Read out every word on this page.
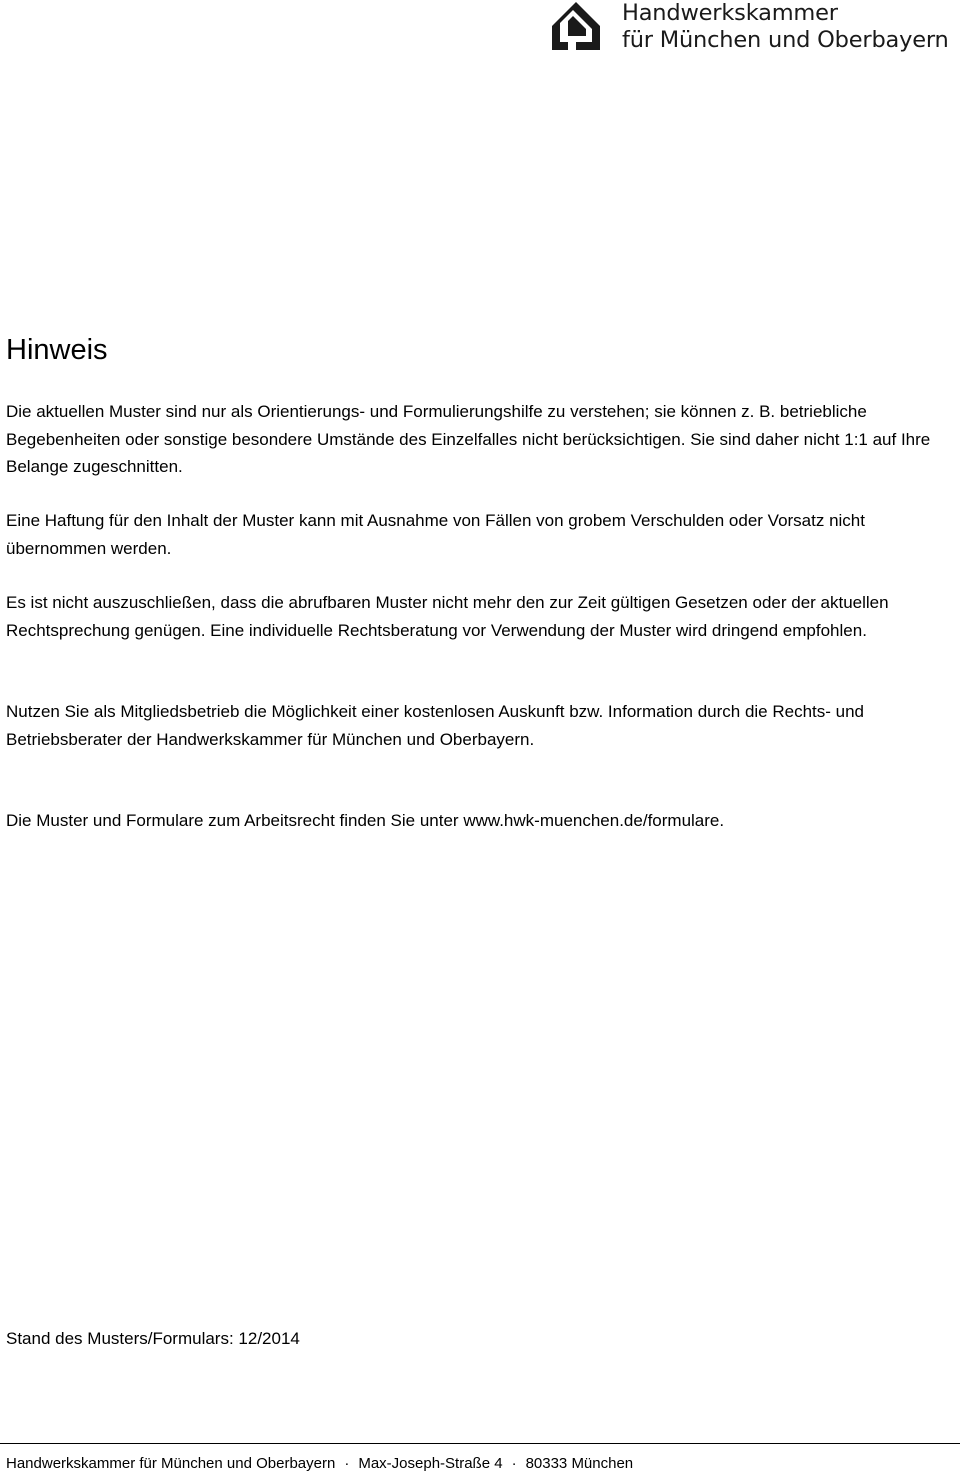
Handwerkskammer
für München und Oberbayern
Hinweis

Die aktuellen Muster sind nur als Orientierungs- und Formulierungshilfe zu verstehen; sie können z. B. betriebliche Begebenheiten oder sonstige besondere Umstände des Einzelfalles nicht berücksichtigen. Sie sind daher nicht 1:1 auf Ihre Belange zugeschnitten.

Eine Haftung für den Inhalt der Muster kann mit Ausnahme von Fällen von grobem Verschulden oder Vorsatz nicht übernommen werden.

Es ist nicht auszuschließen, dass die abrufbaren Muster nicht mehr den zur Zeit gültigen Gesetzen oder der aktuellen Rechtsprechung genügen. Eine individuelle Rechtsberatung vor Verwendung der Muster wird dringend empfohlen.

Nutzen Sie als Mitgliedsbetrieb die Möglichkeit einer kostenlosen Auskunft bzw. Information durch die Rechts- und Betriebsberater der Handwerkskammer für München und Oberbayern.

Die Muster und Formulare zum Arbeitsrecht finden Sie unter www.hwk-muenchen.de/formulare.

Stand des Musters/Formulars: 12/2014

Handwerkskammer für München und Oberbayern · Max-Joseph-Straße 4 · 80333 München
